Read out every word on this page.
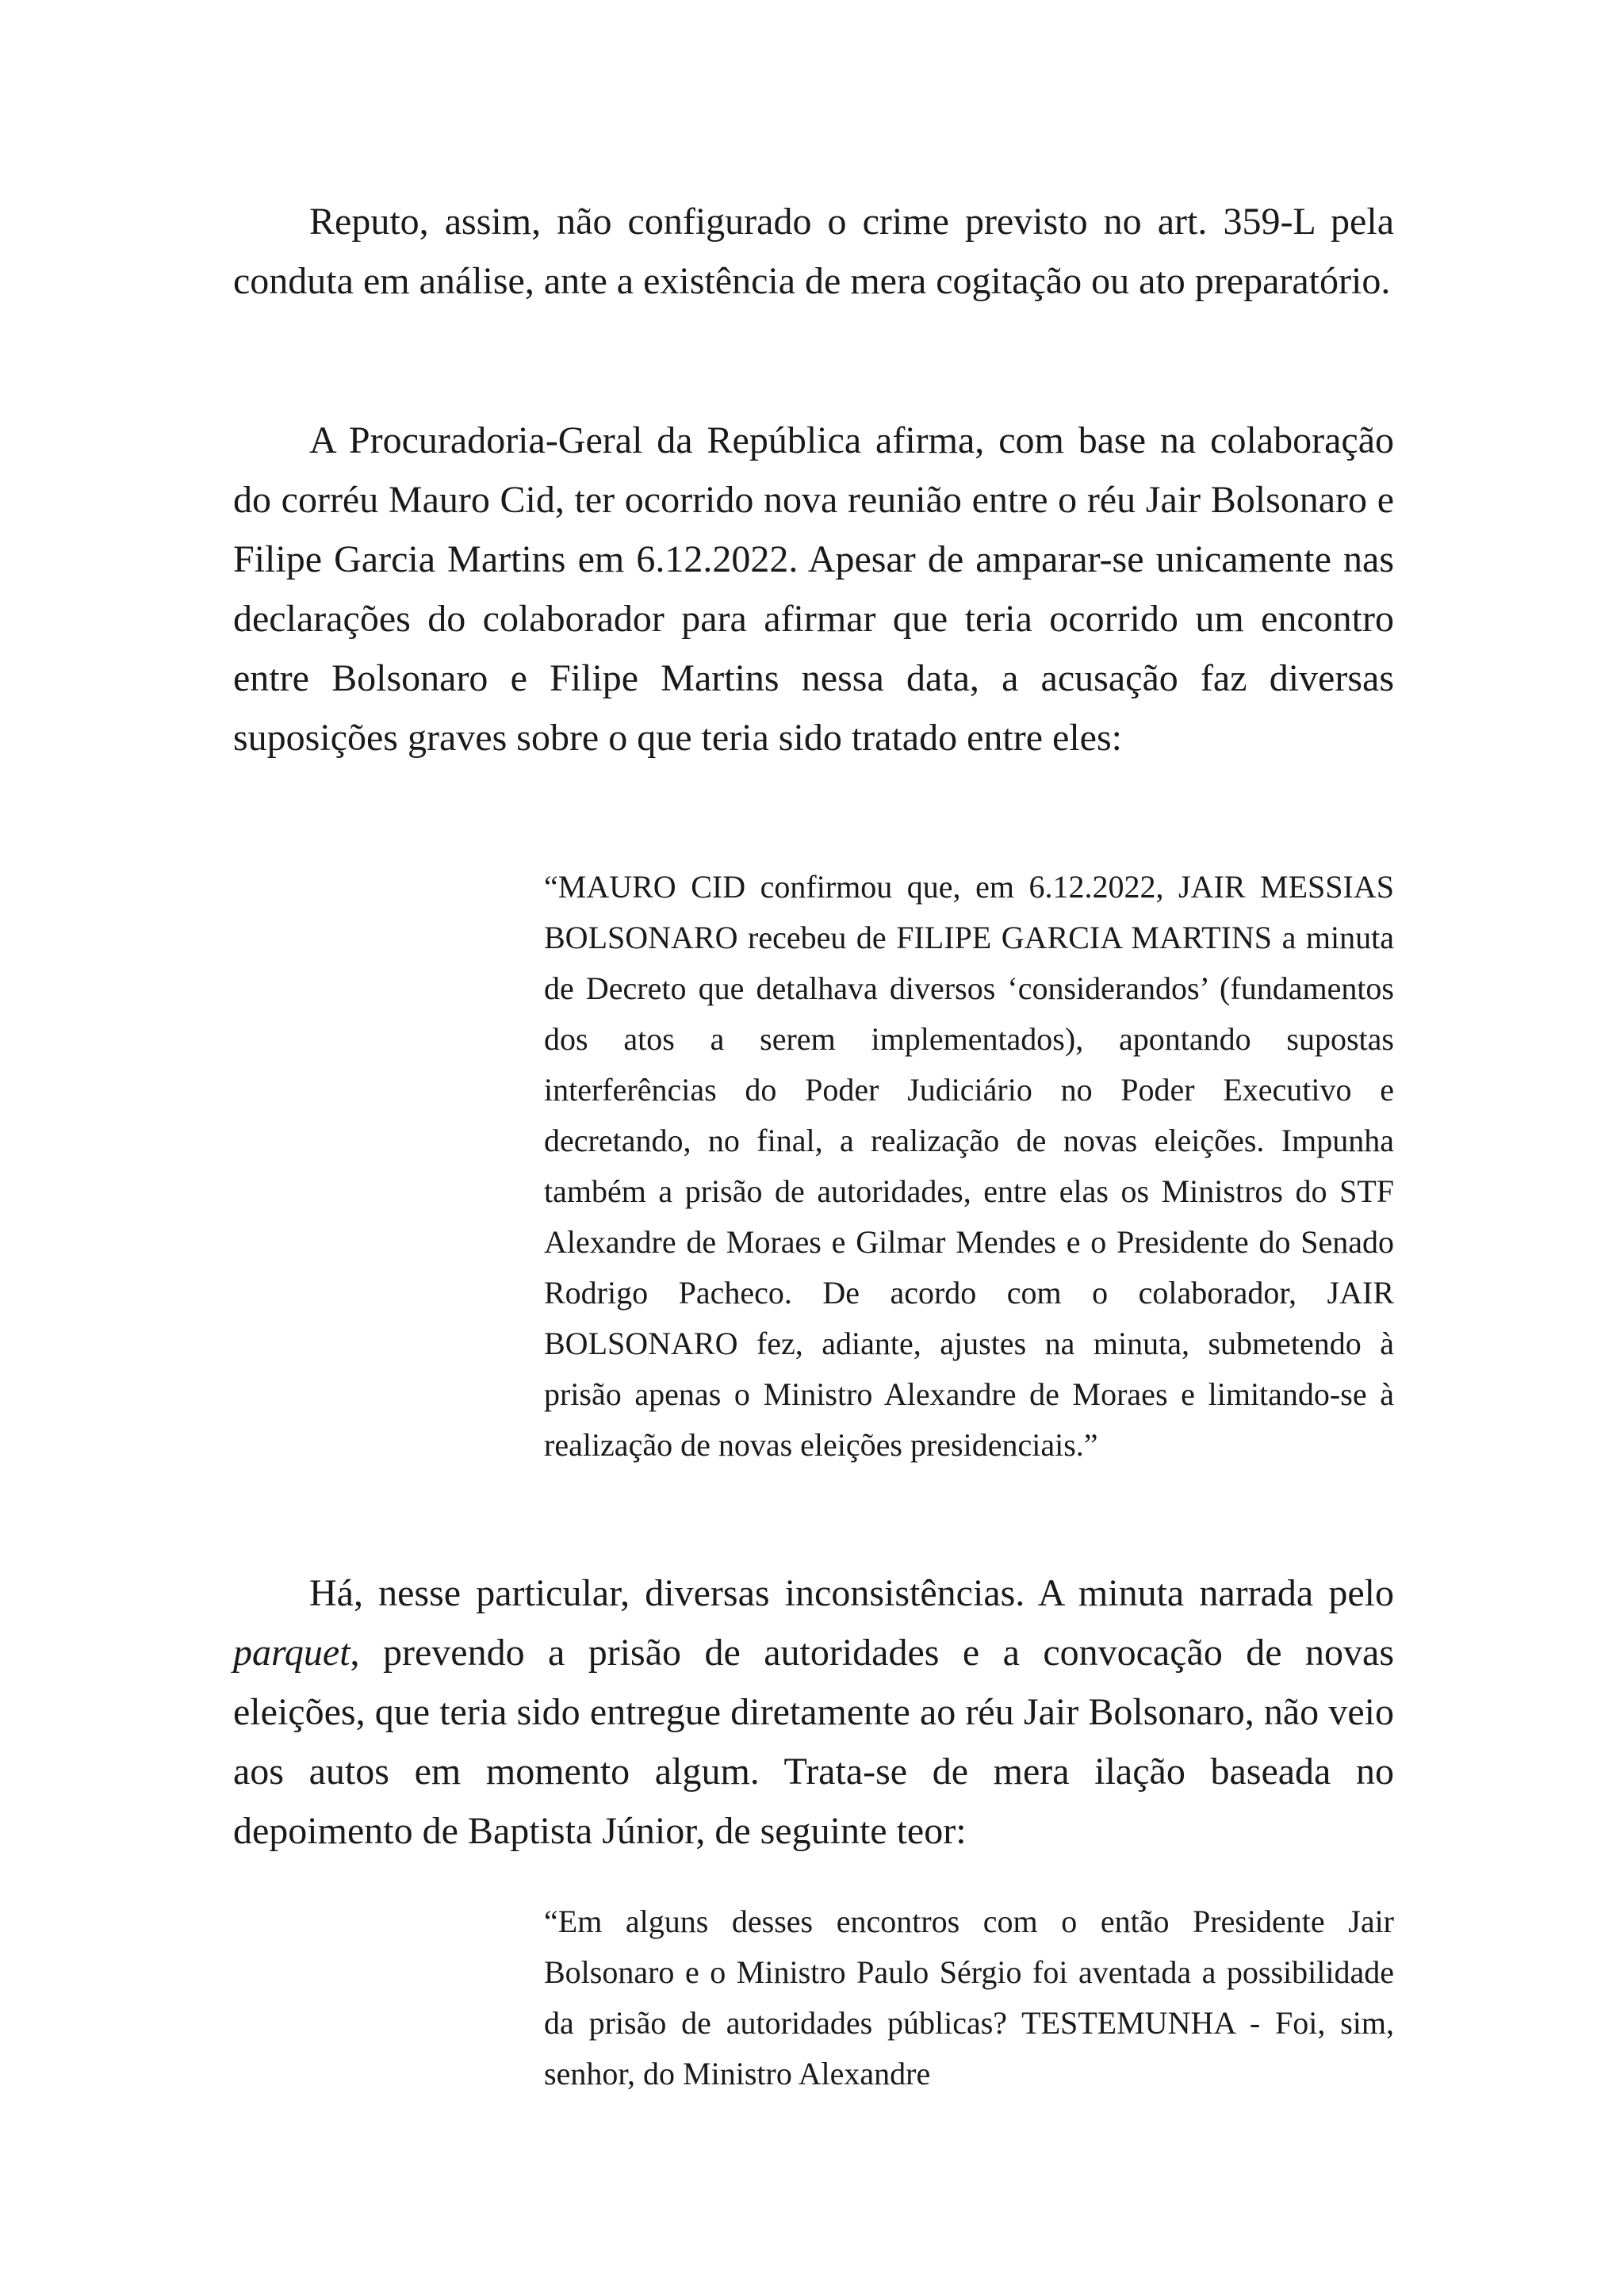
Reputo, assim, não configurado o crime previsto no art. 359-L pela conduta em análise, ante a existência de mera cogitação ou ato preparatório.

A Procuradoria-Geral da República afirma, com base na colaboração do corréu Mauro Cid, ter ocorrido nova reunião entre o réu Jair Bolsonaro e Filipe Garcia Martins em 6.12.2022. Apesar de amparar-se unicamente nas declarações do colaborador para afirmar que teria ocorrido um encontro entre Bolsonaro e Filipe Martins nessa data, a acusação faz diversas suposições graves sobre o que teria sido tratado entre eles:

“MAURO CID confirmou que, em 6.12.2022, JAIR MESSIAS BOLSONARO recebeu de FILIPE GARCIA MARTINS a minuta de Decreto que detalhava diversos ‘considerandos’ (fundamentos dos atos a serem implementados), apontando supostas interferências do Poder Judiciário no Poder Executivo e decretando, no final, a realização de novas eleições. Impunha também a prisão de autoridades, entre elas os Ministros do STF Alexandre de Moraes e Gilmar Mendes e o Presidente do Senado Rodrigo Pacheco. De acordo com o colaborador, JAIR BOLSONARO fez, adiante, ajustes na minuta, submetendo à prisão apenas o Ministro Alexandre de Moraes e limitando-se à realização de novas eleições presidenciais.”

Há, nesse particular, diversas inconsistências. A minuta narrada pelo parquet, prevendo a prisão de autoridades e a convocação de novas eleições, que teria sido entregue diretamente ao réu Jair Bolsonaro, não veio aos autos em momento algum. Trata-se de mera ilação baseada no depoimento de Baptista Júnior, de seguinte teor:

“Em alguns desses encontros com o então Presidente Jair Bolsonaro e o Ministro Paulo Sérgio foi aventada a possibilidade da prisão de autoridades públicas? TESTEMUNHA - Foi, sim, senhor, do Ministro Alexandre
